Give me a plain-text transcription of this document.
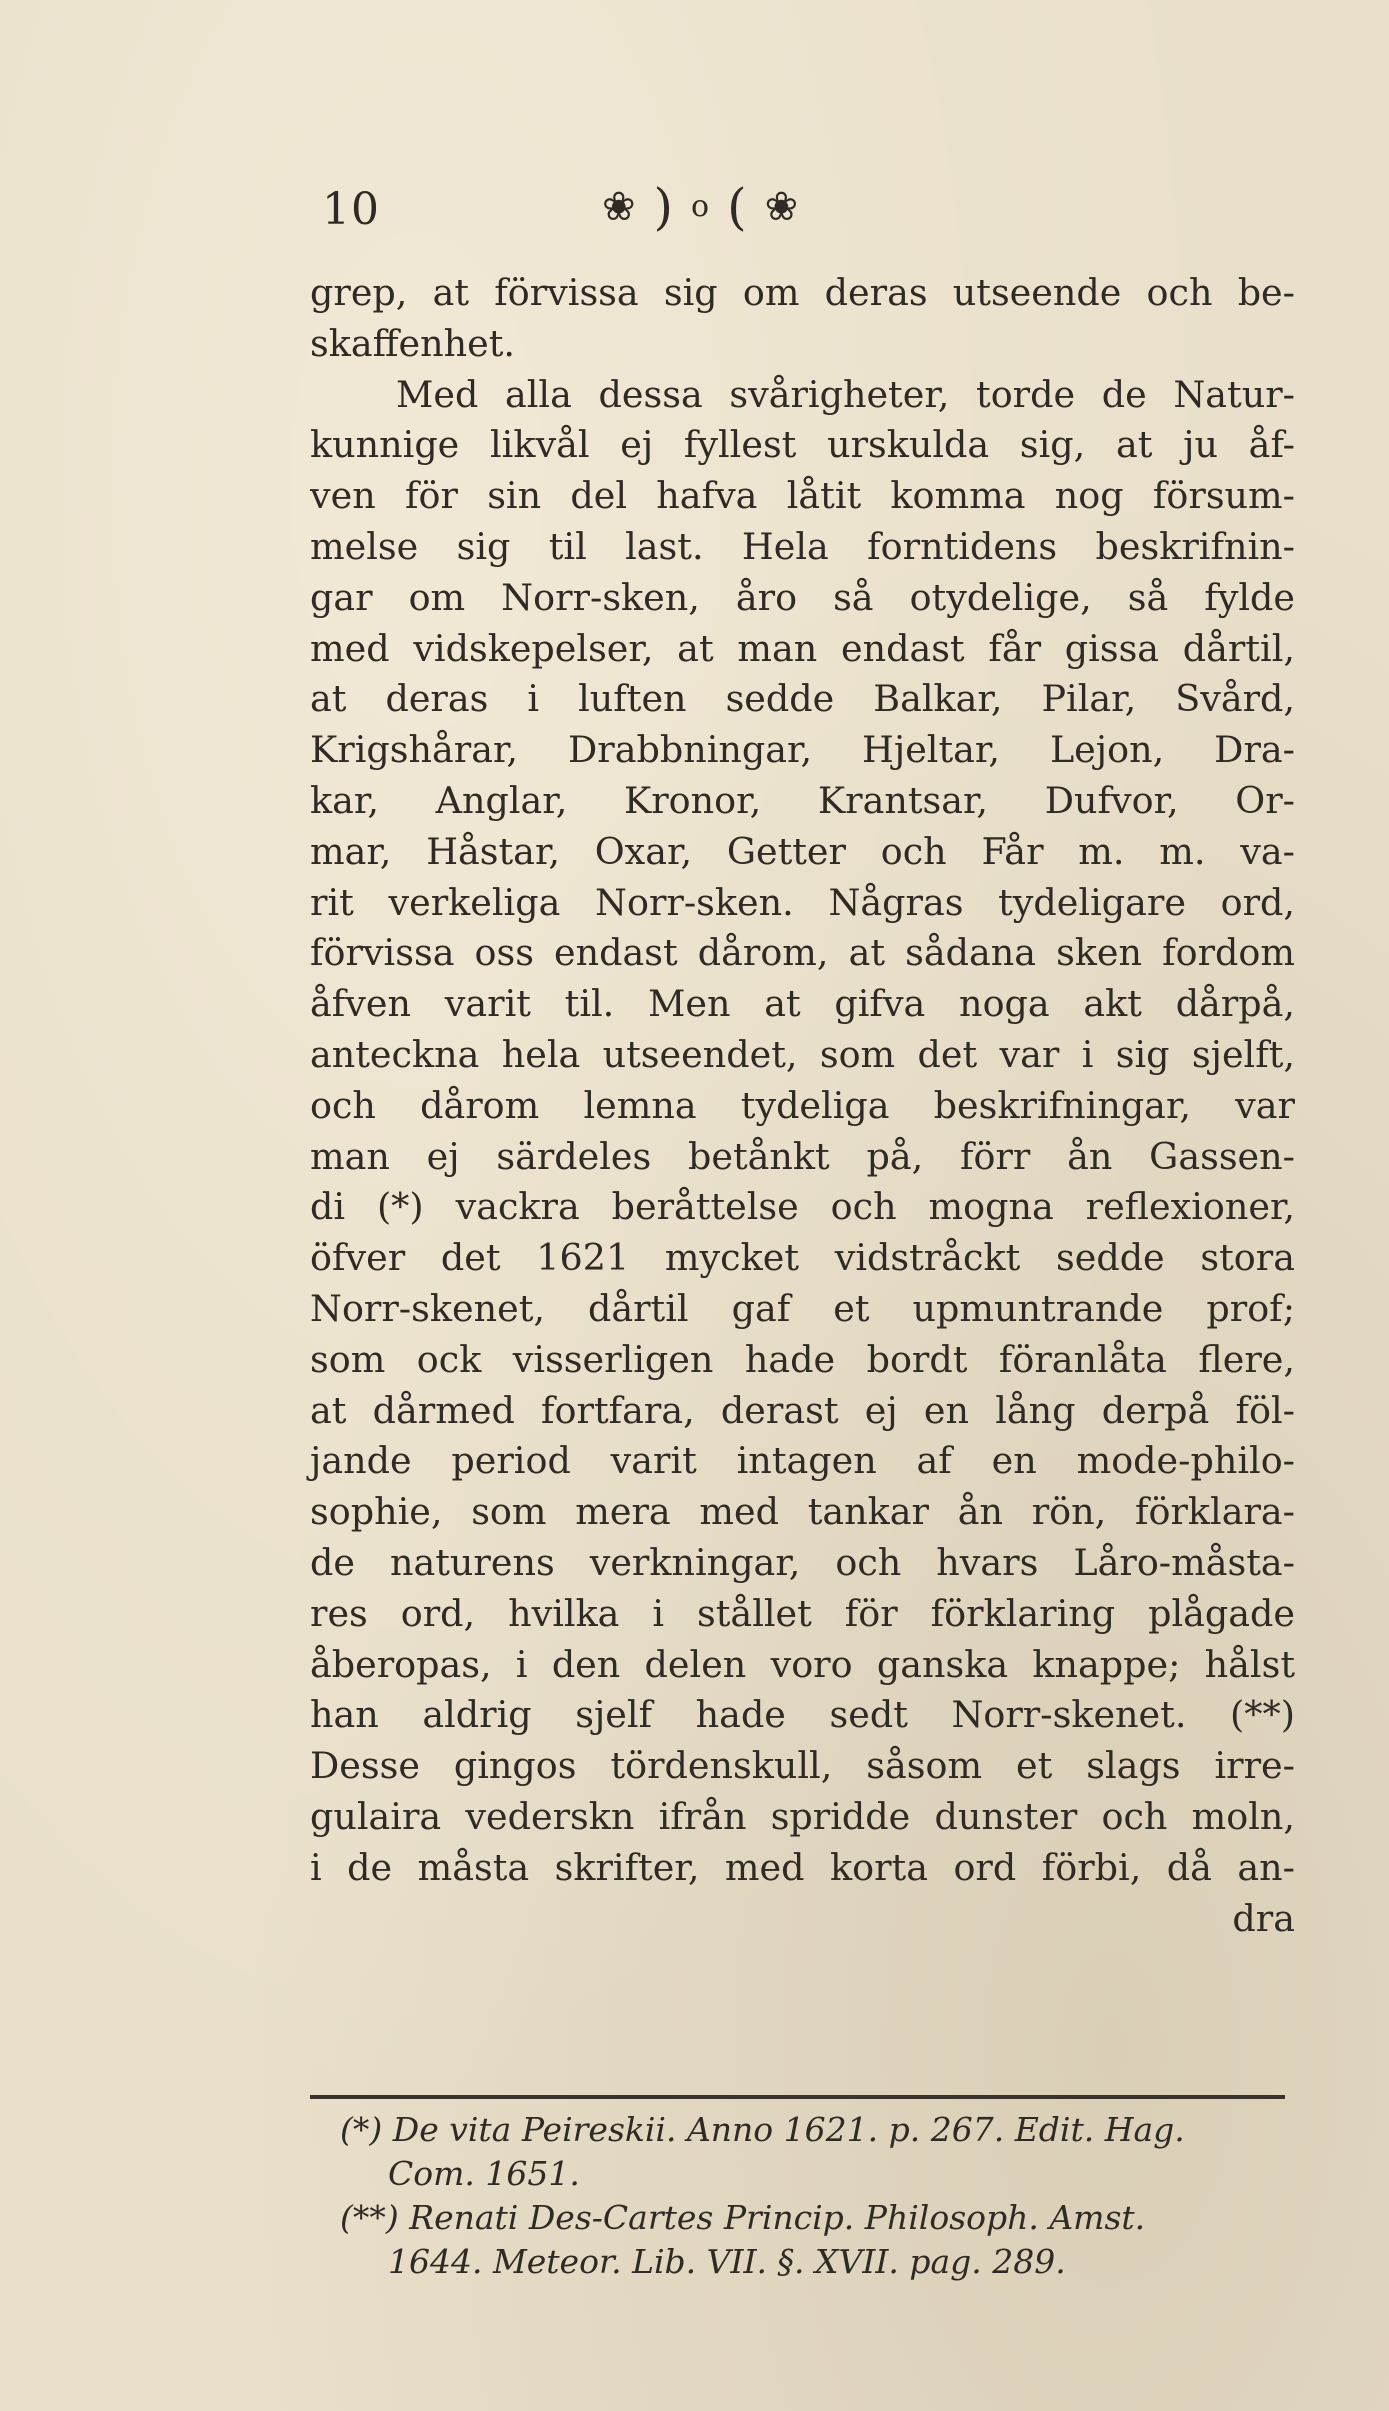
10	❀ ) o ( ❀
grep, at förvissa sig om deras utseende och be-
skaffenhet.
Med alla dessa svårigheter, torde de Natur-
kunnige likvål ej fyllest urskulda sig, at ju åf-
ven för sin del hafva låtit komma nog försum-
melse sig til last. Hela forntidens beskrifnin-
gar om Norr-sken, åro så otydelige, så fylde
med vidskepelser, at man endast får gissa dårtil,
at deras i luften sedde Balkar, Pilar, Svård,
Krigshårar, Drabbningar, Hjeltar, Lejon, Dra-
kar, Anglar, Kronor, Krantsar, Dufvor, Or-
mar, Håstar, Oxar, Getter och Får m. m. va-
rit verkeliga Norr-sken. Någras tydeligare ord,
förvissa oss endast dårom, at sådana sken fordom
åfven varit til. Men at gifva noga akt dårpå,
anteckna hela utseendet, som det var i sig sjelft,
och dårom lemna tydeliga beskrifningar, var
man ej särdeles betånkt på, förr ån Gassen-
di (*) vackra beråttelse och mogna reflexioner,
öfver det 1621 mycket vidstråckt sedde stora
Norr-skenet, dårtil gaf et upmuntrande prof;
som ock visserligen hade bordt föranlåta flere,
at dårmed fortfara, derast ej en lång derpå föl-
jande period varit intagen af en mode-philo-
sophie, som mera med tankar ån rön, förklara-
de naturens verkningar, och hvars Låro-måsta-
res ord, hvilka i stållet för förklaring plågade
åberopas, i den delen voro ganska knappe; hålst
han aldrig sjelf hade sedt Norr-skenet. (**)
Desse gingos tördenskull, såsom et slags irre-
gulaira vederskn ifrån spridde dunster och moln,
i de måsta skrifter, med korta ord förbi, då an-
dra
(*) De vita Peireskii. Anno 1621. p. 267. Edit. Hag.
Com. 1651.
(**) Renati Des-Cartes Princip. Philosoph. Amst.
1644. Meteor. Lib. VII. §. XVII. pag. 289.
